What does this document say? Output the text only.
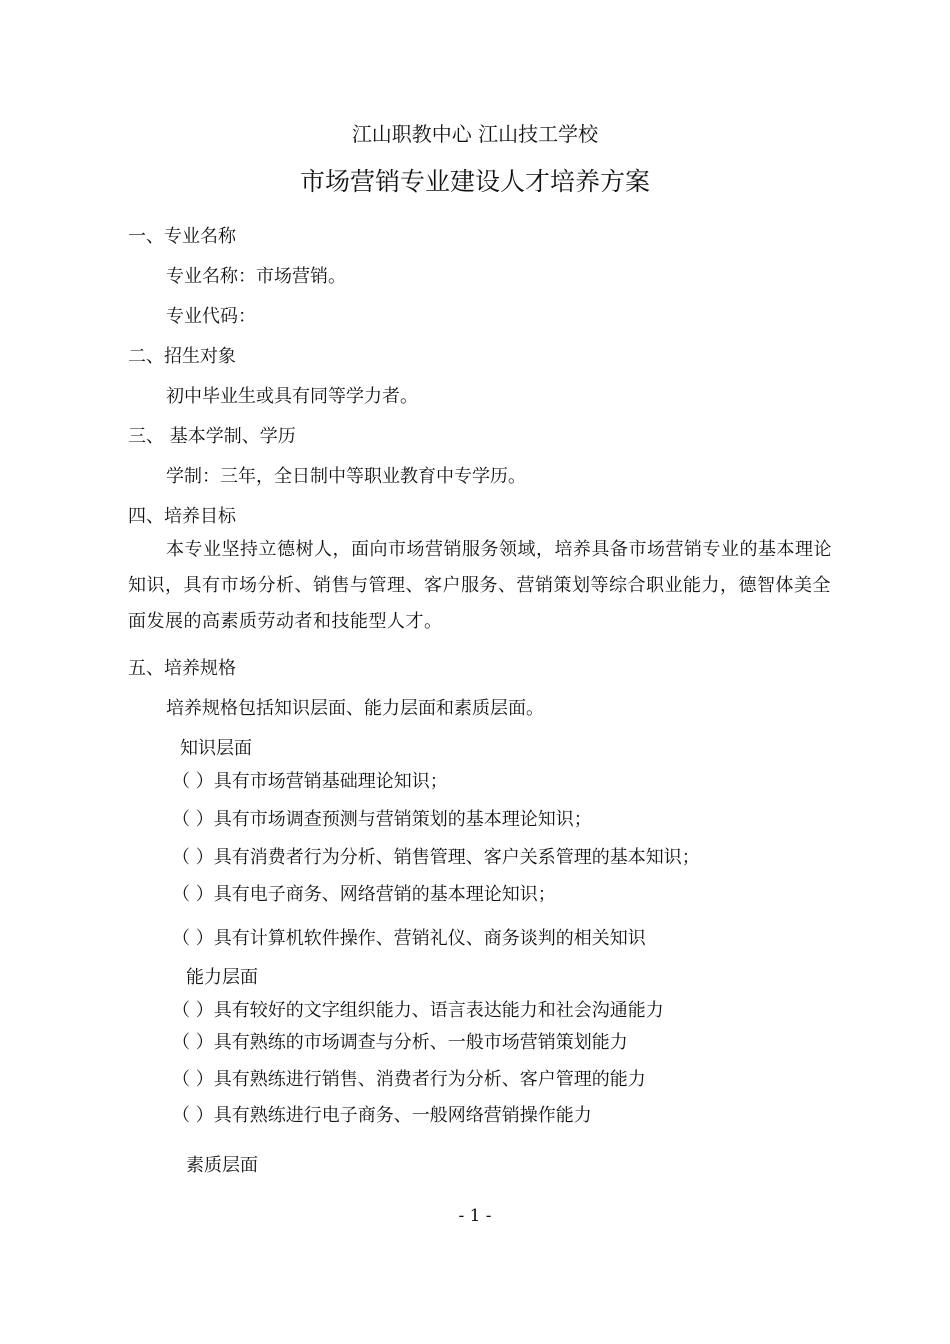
江山职教中心 江山技工学校
市场营销专业建设人才培养方案
一、专业名称
专业名称：市场营销。
专业代码：
二、招生对象
初中毕业生或具有同等学力者。
三、 基本学制、学历
学制：三年，全日制中等职业教育中专学历。
四、培养目标
本专业坚持立德树人，面向市场营销服务领域，培养具备市场营销专业的基本理论知识，具有市场分析、销售与管理、客户服务、营销策划等综合职业能力，德智体美全面发展的高素质劳动者和技能型人才。
五、培养规格
培养规格包括知识层面、能力层面和素质层面。
知识层面
（ ）具有市场营销基础理论知识；
（ ）具有市场调查预测与营销策划的基本理论知识；
（ ）具有消费者行为分析、销售管理、客户关系管理的基本知识；
（ ）具有电子商务、网络营销的基本理论知识；
（ ）具有计算机软件操作、营销礼仪、商务谈判的相关知识
能力层面
（ ）具有较好的文字组织能力、语言表达能力和社会沟通能力
（ ）具有熟练的市场调查与分析、一般市场营销策划能力
（ ）具有熟练进行销售、消费者行为分析、客户管理的能力
（ ）具有熟练进行电子商务、一般网络营销操作能力
素质层面
- 1 -
